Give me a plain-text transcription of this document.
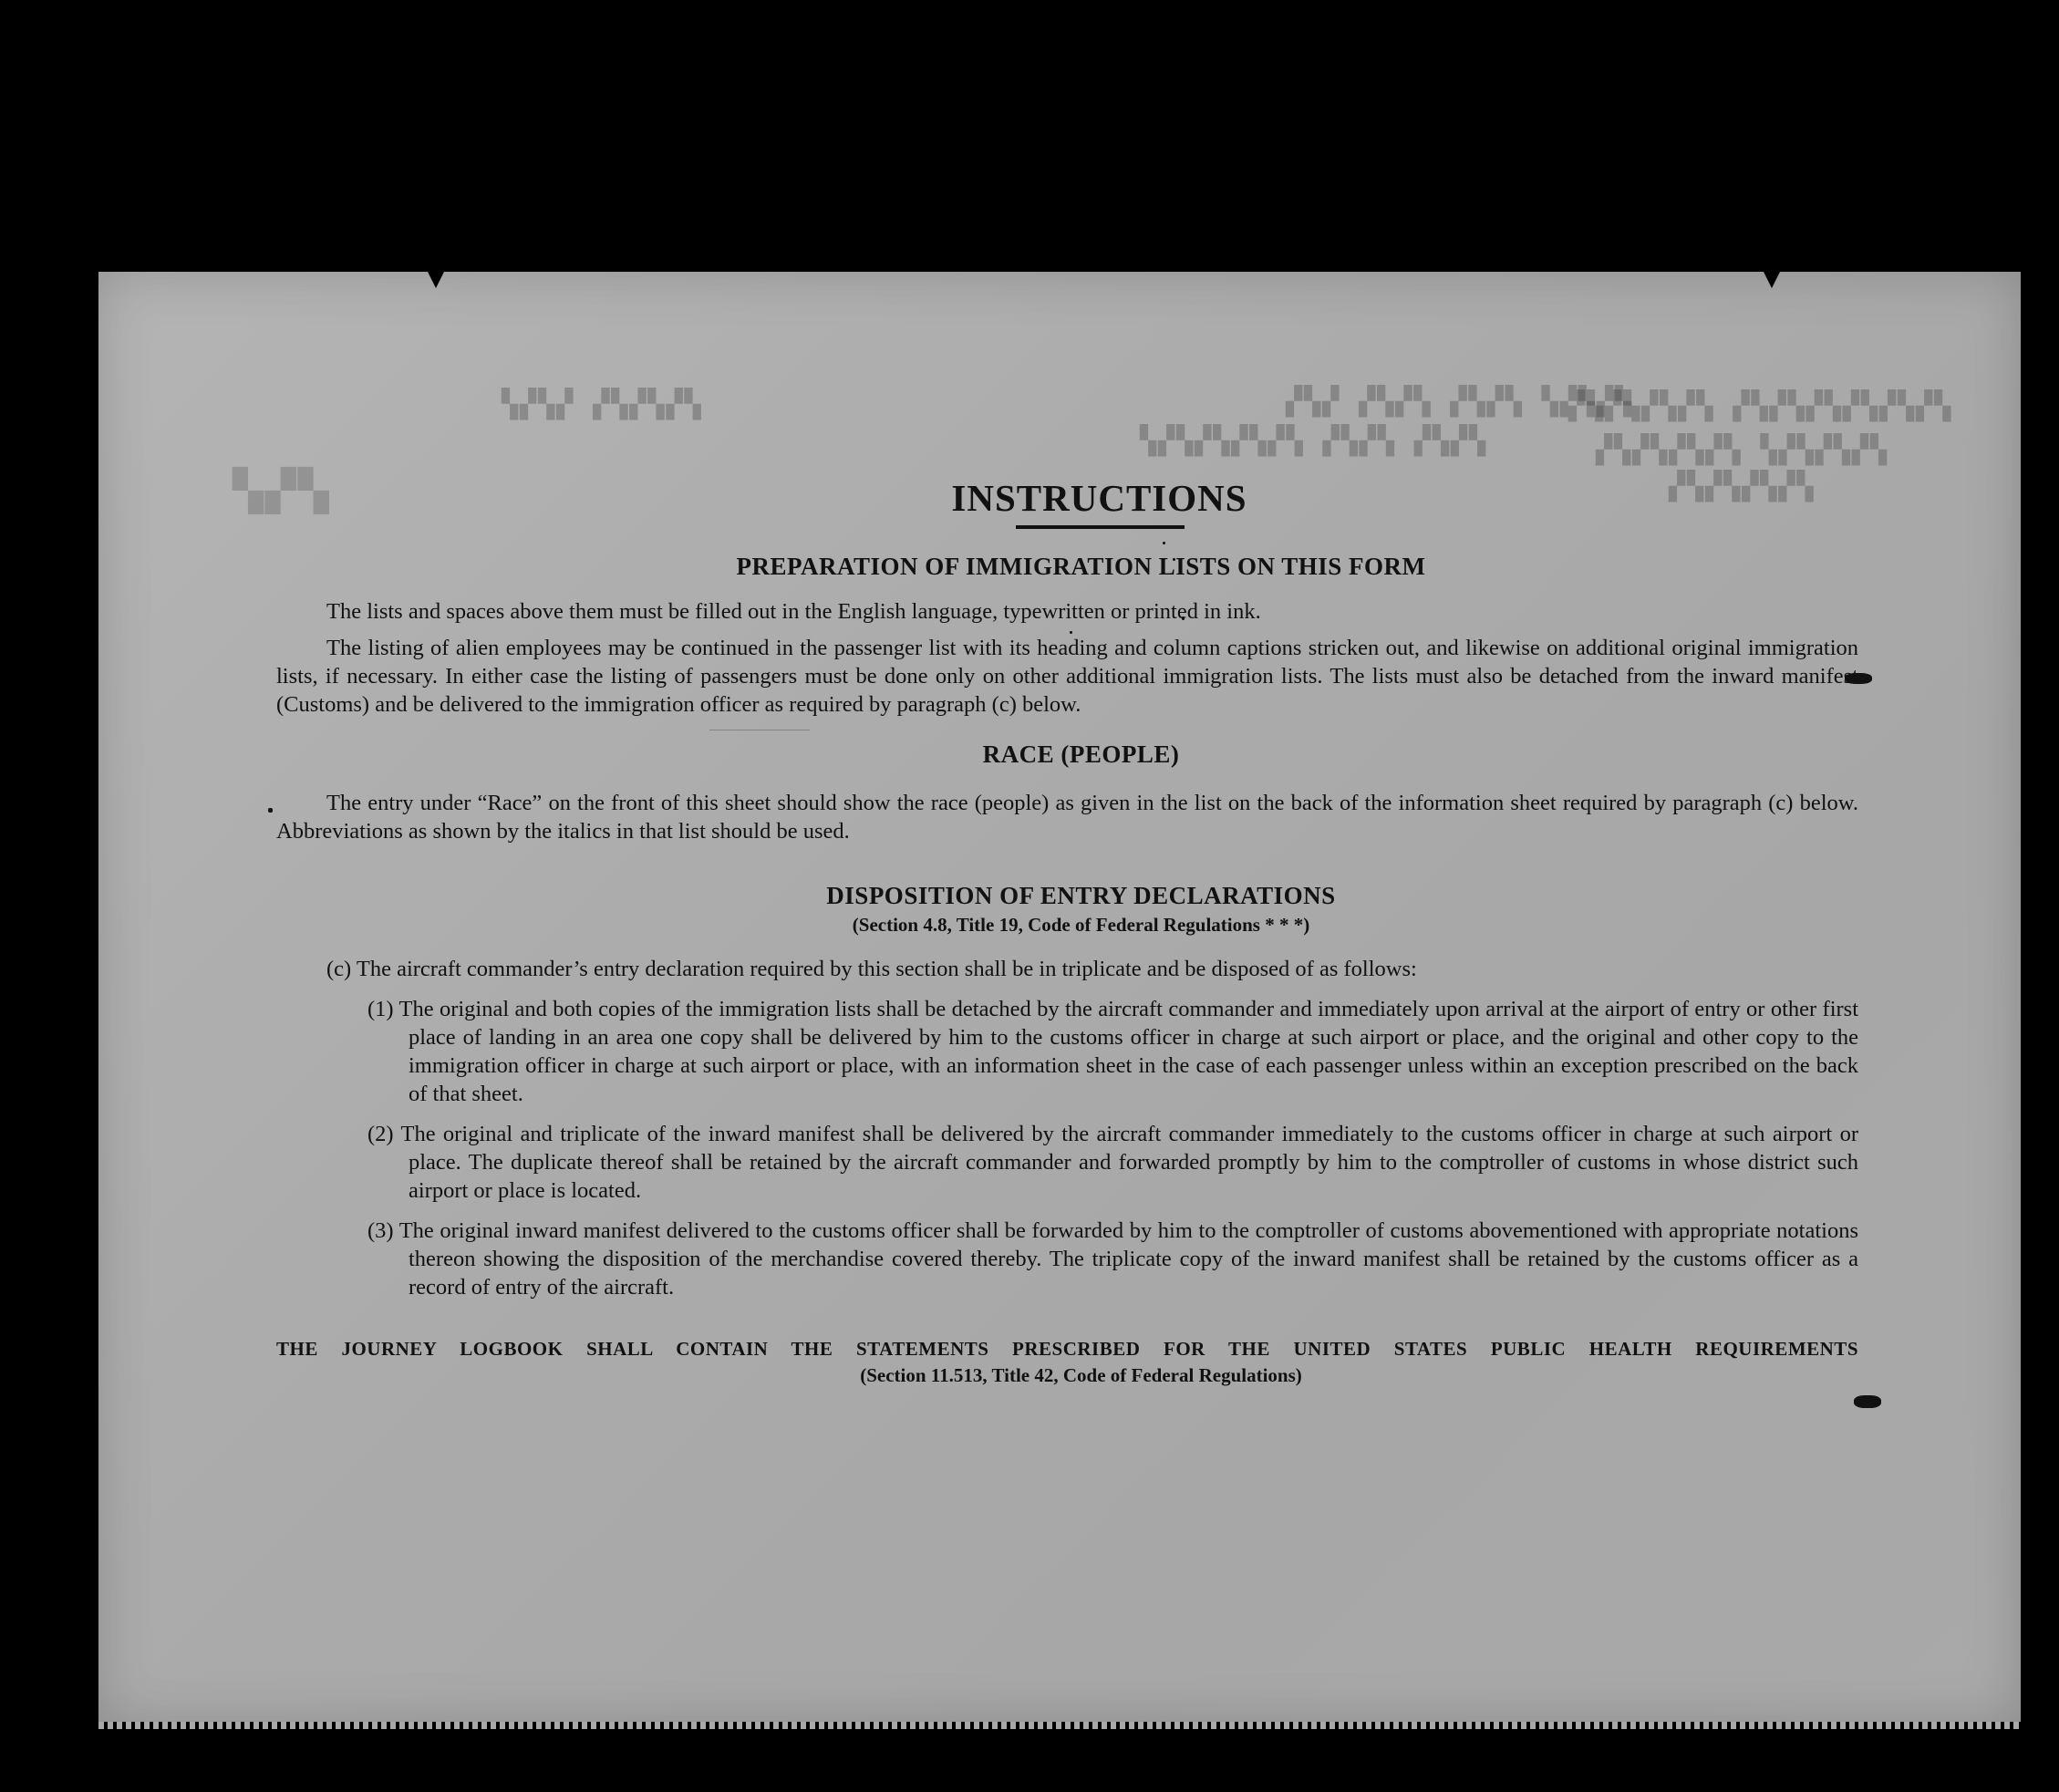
▞▚▞▚▞▚ ▚▞▚▞	▞▚▞▚▞ ▞▚▞▚ ▞▚▞▚ ▚▞▚
▞▚▞▚▞▚▞▚▞▚▞▚ ▞▚▞▚▞▚▞▚
▞▚▞▚ ▞▚▞▚ ▞▚▞▚▞▚▞▚▞	▞▚▞▚▞▚▞ ▞▚▞▚▞▚▞▚
▞▚▞▚▞▚▞▚
▞▚▞	INSTRUCTIONS
PREPARATION OF IMMIGRATION LISTS ON THIS FORM

The lists and spaces above them must be filled out in the English language, typewritten or printed in ink.

The listing of alien employees may be continued in the passenger list with its heading and column captions stricken out, and likewise on additional original immigration lists, if necessary. In either case the listing of passengers must be done only on other additional immigration lists. The lists must also be detached from the inward manifest (Customs) and be delivered to the immigration officer as required by paragraph (c) below.

RACE (PEOPLE)

The entry under “Race” on the front of this sheet should show the race (people) as given in the list on the back of the information sheet required by paragraph (c) below. Abbreviations as shown by the italics in that list should be used.

DISPOSITION OF ENTRY DECLARATIONS

(Section 4.8, Title 19, Code of Federal Regulations * * *)

(c) The aircraft commander’s entry declaration required by this section shall be in triplicate and be disposed of as follows:

(1) The original and both copies of the immigration lists shall be detached by the aircraft commander and immediately upon arrival at the airport of entry or other first place of landing in an area one copy shall be delivered by him to the customs officer in charge at such airport or place, and the original and other copy to the immigration officer in charge at such airport or place, with an information sheet in the case of each passenger unless within an exception prescribed on the back of that sheet.

(2) The original and triplicate of the inward manifest shall be delivered by the aircraft commander immediately to the customs officer in charge at such airport or place. The duplicate thereof shall be retained by the aircraft commander and forwarded promptly by him to the comptroller of customs in whose district such airport or place is located.

(3) The original inward manifest delivered to the customs officer shall be forwarded by him to the comptroller of customs abovementioned with appropriate notations thereon showing the disposition of the merchandise covered thereby. The triplicate copy of the inward manifest shall be retained by the customs officer as a record of entry of the aircraft.

THE JOURNEY LOGBOOK SHALL CONTAIN THE STATEMENTS PRESCRIBED FOR THE UNITED STATES PUBLIC HEALTH REQUIREMENTS

(Section 11.513, Title 42, Code of Federal Regulations)
